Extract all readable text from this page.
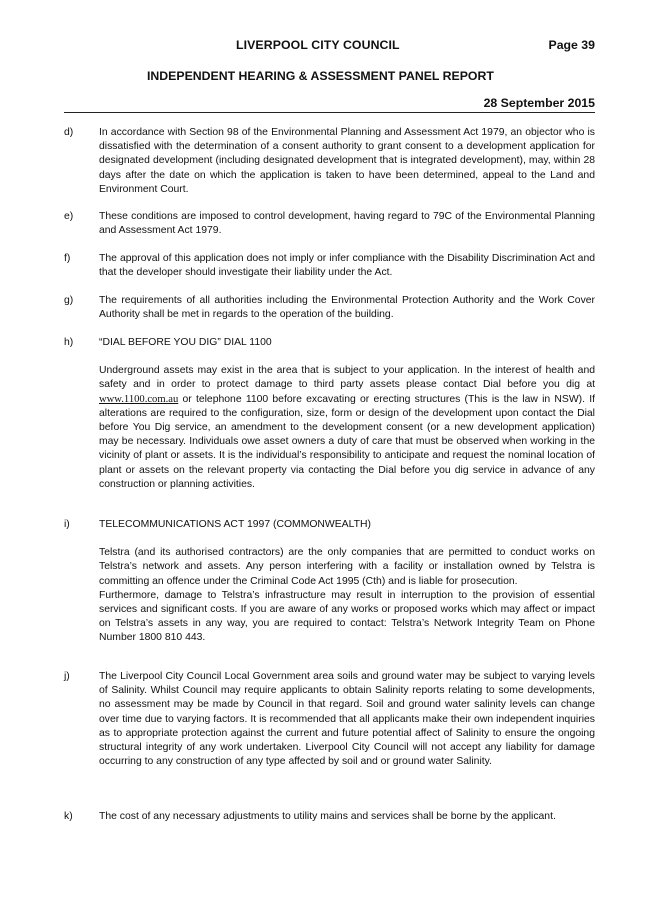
LIVERPOOL CITY COUNCIL	Page 39
INDEPENDENT HEARING & ASSESSMENT PANEL REPORT
28 September 2015
d)	In accordance with Section 98 of the Environmental Planning and Assessment Act 1979, an objector who is dissatisfied with the determination of a consent authority to grant consent to a development application for designated development (including designated development that is integrated development), may, within 28 days after the date on which the application is taken to have been determined, appeal to the Land and Environment Court.

e)	These conditions are imposed to control development, having regard to 79C of the Environmental Planning and Assessment Act 1979.

f)	The approval of this application does not imply or infer compliance with the Disability Discrimination Act and that the developer should investigate their liability under the Act.

g)	The requirements of all authorities including the Environmental Protection Authority and the Work Cover Authority shall be met in regards to the operation of the building.

h)	“DIAL BEFORE YOU DIG” DIAL 1100

Underground assets may exist in the area that is subject to your application. In the interest of health and safety and in order to protect damage to third party assets please contact Dial before you dig at www.1100.com.au or telephone 1100 before excavating or erecting structures (This is the law in NSW). If alterations are required to the configuration, size, form or design of the development upon contact the Dial before You Dig service, an amendment to the development consent (or a new development application) may be necessary. Individuals owe asset owners a duty of care that must be observed when working in the vicinity of plant or assets. It is the individual’s responsibility to anticipate and request the nominal location of plant or assets on the relevant property via contacting the Dial before you dig service in advance of any construction or planning activities.

i)	TELECOMMUNICATIONS ACT 1997 (COMMONWEALTH)

Telstra (and its authorised contractors) are the only companies that are permitted to conduct works on Telstra’s network and assets. Any person interfering with a facility or installation owned by Telstra is committing an offence under the Criminal Code Act 1995 (Cth) and is liable for prosecution.

Furthermore, damage to Telstra’s infrastructure may result in interruption to the provision of essential services and significant costs. If you are aware of any works or proposed works which may affect or impact on Telstra’s assets in any way, you are required to contact: Telstra’s Network Integrity Team on Phone Number 1800 810 443.

j)	The Liverpool City Council Local Government area soils and ground water may be subject to varying levels of Salinity. Whilst Council may require applicants to obtain Salinity reports relating to some developments, no assessment may be made by Council in that regard. Soil and ground water salinity levels can change over time due to varying factors. It is recommended that all applicants make their own independent inquiries as to appropriate protection against the current and future potential affect of Salinity to ensure the ongoing structural integrity of any work undertaken. Liverpool City Council will not accept any liability for damage occurring to any construction of any type affected by soil and or ground water Salinity.

k)	The cost of any necessary adjustments to utility mains and services shall be borne by the applicant.
